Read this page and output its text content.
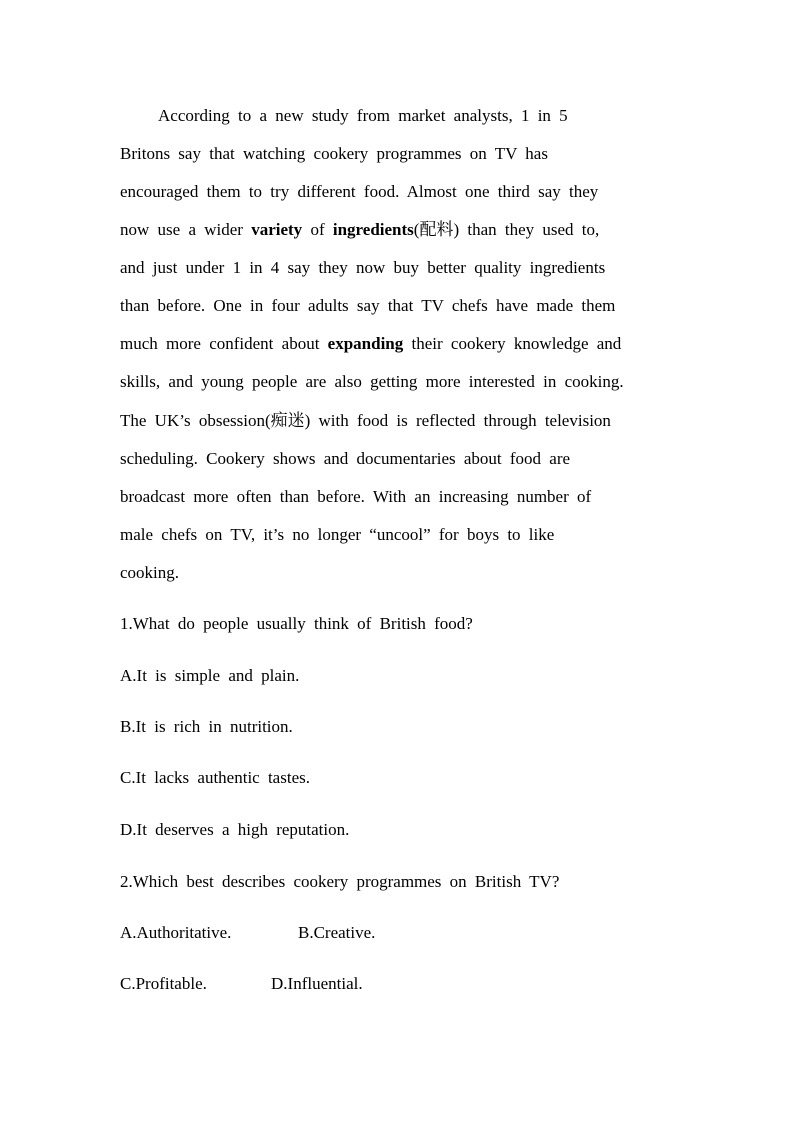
According to a new study from market analysts, 1 in 5
Britons say that watching cookery programmes on TV has
encouraged them to try different food. Almost one third say they
now use a wider variety of ingredients(配料) than they used to,
and just under 1 in 4 say they now buy better quality ingredients
than before. One in four adults say that TV chefs have made them
much more confident about expanding their cookery knowledge and
skills, and young people are also getting more interested in cooking.
The UK’s obsession(痴迷) with food is reflected through television
scheduling. Cookery shows and documentaries about food are
broadcast more often than before. With an increasing number of
male chefs on TV, it’s no longer “uncool” for boys to like
cooking.
1.What do people usually think of British food?
A.It is simple and plain.
B.It is rich in nutrition.
C.It lacks authentic tastes.
D.It deserves a high reputation.
2.Which best describes cookery programmes on British TV?
A.Authoritative.	B.Creative.
C.Profitable.	D.Influential.
